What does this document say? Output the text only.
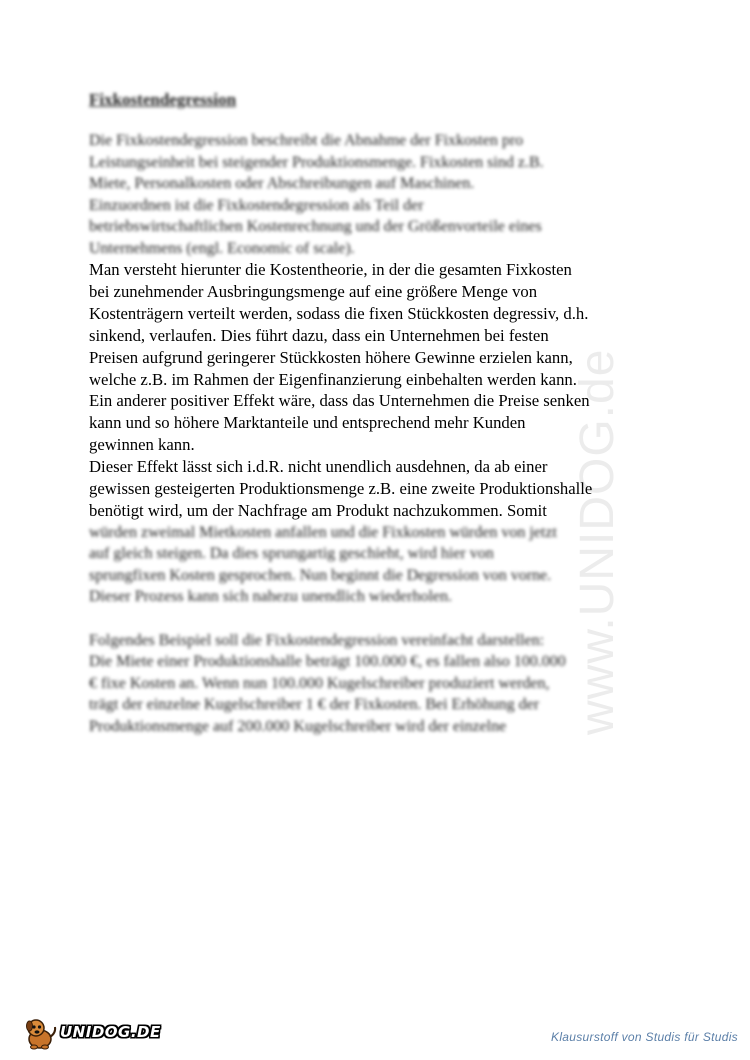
www.UNIDOG.de
Fixkostendegression

Die Fixkostendegression beschreibt die Abnahme der Fixkosten pro

Leistungseinheit bei steigender Produktionsmenge. Fixkosten sind z.B.

Miete, Personalkosten oder Abschreibungen auf Maschinen.

Einzuordnen ist die Fixkostendegression als Teil der

betriebswirtschaftlichen Kostenrechnung und der Größenvorteile eines

Unternehmens (engl. Economic of scale).

Man versteht hierunter die Kostentheorie, in der die gesamten Fixkosten

bei zunehmender Ausbringungsmenge auf eine größere Menge von

Kostenträgern verteilt werden, sodass die fixen Stückkosten degressiv, d.h.

sinkend, verlaufen. Dies führt dazu, dass ein Unternehmen bei festen

Preisen aufgrund geringerer Stückkosten höhere Gewinne erzielen kann,

welche z.B. im Rahmen der Eigenfinanzierung einbehalten werden kann.

Ein anderer positiver Effekt wäre, dass das Unternehmen die Preise senken

kann und so höhere Marktanteile und entsprechend mehr Kunden

gewinnen kann.

Dieser Effekt lässt sich i.d.R. nicht unendlich ausdehnen, da ab einer

gewissen gesteigerten Produktionsmenge z.B. eine zweite Produktionshalle

benötigt wird, um der Nachfrage am Produkt nachzukommen. Somit

würden zweimal Mietkosten anfallen und die Fixkosten würden von jetzt

auf gleich steigen. Da dies sprungartig geschieht, wird hier von

sprungfixen Kosten gesprochen. Nun beginnt die Degression von vorne.

Dieser Prozess kann sich nahezu unendlich wiederholen.

Folgendes Beispiel soll die Fixkostendegression vereinfacht darstellen:

Die Miete einer Produktionshalle beträgt 100.000 €, es fallen also 100.000

€ fixe Kosten an. Wenn nun 100.000 Kugelschreiber produziert werden,

trägt der einzelne Kugelschreiber 1 € der Fixkosten. Bei Erhöhung der

Produktionsmenge auf 200.000 Kugelschreiber wird der einzelne

UNIDOG.DE	Klausurstoff von Studis für Studis
